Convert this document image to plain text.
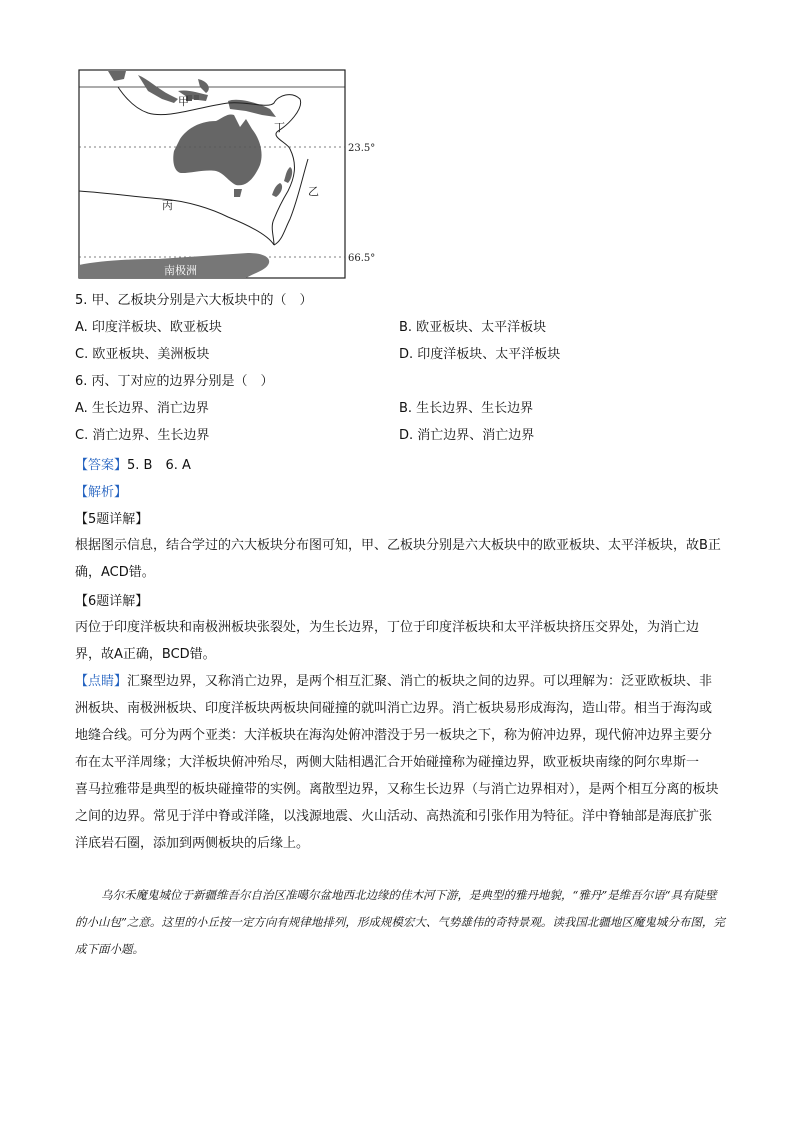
甲
丁
乙
丙
南极洲
23.5°
66.5°
5. 甲、乙板块分别是六大板块中的（　）
A. 印度洋板块、欧亚板块	B. 欧亚板块、太平洋板块
C. 欧亚板块、美洲板块	D. 印度洋板块、太平洋板块
6. 丙、丁对应的边界分别是（　）
A. 生长边界、消亡边界	B. 生长边界、生长边界
C. 消亡边界、生长边界	D. 消亡边界、消亡边界
【答案】5. B　6. A
【解析】
【5题详解】
根据图示信息，结合学过的六大板块分布图可知，甲、乙板块分别是六大板块中的欧亚板块、太平洋板块，故B正确，ACD错。
【6题详解】
丙位于印度洋板块和南极洲板块张裂处，为生长边界，丁位于印度洋板块和太平洋板块挤压交界处，为消亡边界，故A正确，BCD错。
【点睛】汇聚型边界，又称消亡边界，是两个相互汇聚、消亡的板块之间的边界。可以理解为：泛亚欧板块、非洲板块、南极洲板块、印度洋板块两板块间碰撞的就叫消亡边界。消亡板块易形成海沟，造山带。相当于海沟或地缝合线。可分为两个亚类：大洋板块在海沟处俯冲潜没于另一板块之下，称为俯冲边界，现代俯冲边界主要分布在太平洋周缘；大洋板块俯冲殆尽，两侧大陆相遇汇合开始碰撞称为碰撞边界，欧亚板块南缘的阿尔卑斯一
喜马拉雅带是典型的板块碰撞带的实例。离散型边界，又称生长边界（与消亡边界相对），是两个相互分离的板块之间的边界。常见于洋中脊或洋隆，以浅源地震、火山活动、高热流和引张作用为特征。洋中脊轴部是海底扩张洋底岩石圈，添加到两侧板块的后缘上。
乌尔禾魔鬼城位于新疆维吾尔自治区准噶尔盆地西北边缘的佳木河下游，是典型的雅丹地貌，“雅丹”是维吾尔语“具有陡壁的小山包”之意。这里的小丘按一定方向有规律地排列，形成规模宏大、气势雄伟的奇特景观。读我国北疆地区魔鬼城分布图，完成下面小题。
